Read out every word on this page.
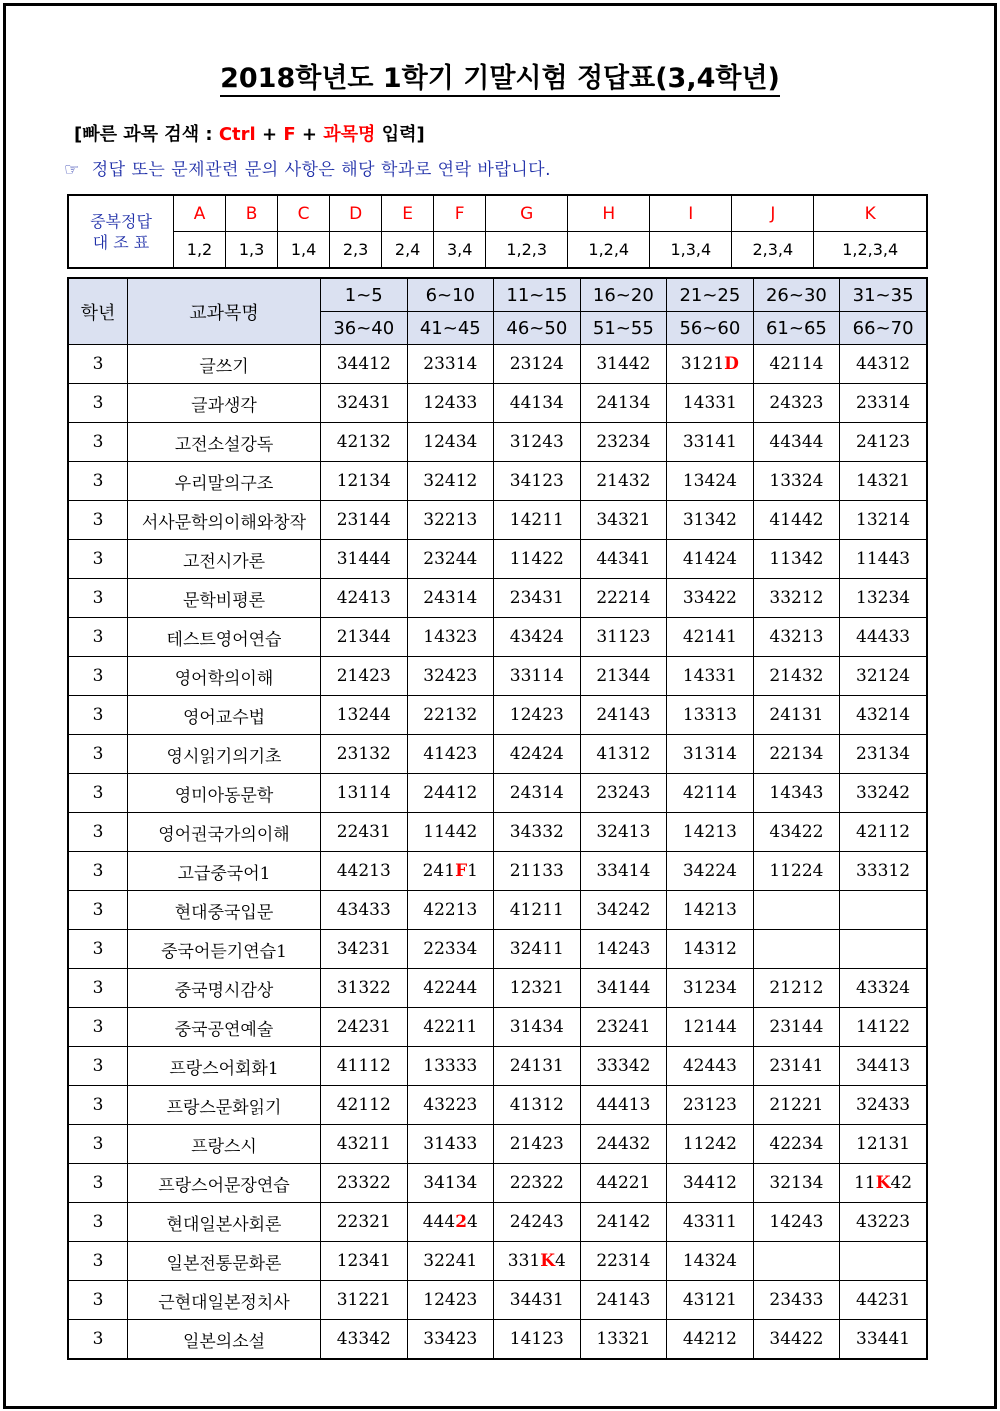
2018학년도 1학기 기말시험 정답표(3,4학년)
[빠른 과목 검색 : Ctrl + F + 과목명 입력]
☞ 정답 또는 문제관련 문의 사항은 해당 학과로 연락 바랍니다.
중복정답
대 조 표	A	B	C	D	E	F	G	H	I	J	K
	1,2	1,3	1,4	2,3	2,4	3,4	1,2,3	1,2,4	1,3,4	2,3,4	1,2,3,4
학년	교과목명	1~5	6~10	11~15	16~20	21~25	26~30	31~35
		36~40	41~45	46~50	51~55	56~60	61~65	66~70
3	글쓰기	34412	23314	23124	31442	3121D	42114	44312
3	글과생각	32431	12433	44134	24134	14331	24323	23314
3	고전소설강독	42132	12434	31243	23234	33141	44344	24123
3	우리말의구조	12134	32412	34123	21432	13424	13324	14321
3	서사문학의이해와창작	23144	32213	14211	34321	31342	41442	13214
3	고전시가론	31444	23244	11422	44341	41424	11342	11443
3	문학비평론	42413	24314	23431	22214	33422	33212	13234
3	테스트영어연습	21344	14323	43424	31123	42141	43213	44433
3	영어학의이해	21423	32423	33114	21344	14331	21432	32124
3	영어교수법	13244	22132	12423	24143	13313	24131	43214
3	영시읽기의기초	23132	41423	42424	41312	31314	22134	23134
3	영미아동문학	13114	24412	24314	23243	42114	14343	33242
3	영어권국가의이해	22431	11442	34332	32413	14213	43422	42112
3	고급중국어1	44213	241F1	21133	33414	34224	11224	33312
3	현대중국입문	43433	42213	41211	34242	14213		
3	중국어듣기연습1	34231	22334	32411	14243	14312		
3	중국명시감상	31322	42244	12321	34144	31234	21212	43324
3	중국공연예술	24231	42211	31434	23241	12144	23144	14122
3	프랑스어회화1	41112	13333	24131	33342	42443	23141	34413
3	프랑스문화읽기	42112	43223	41312	44413	23123	21221	32433
3	프랑스시	43211	31433	21423	24432	11242	42234	12131
3	프랑스어문장연습	23322	34134	22322	44221	34412	32134	11K42
3	현대일본사회론	22321	44424	24243	24142	43311	14243	43223
3	일본전통문화론	12341	32241	331K4	22314	14324		
3	근현대일본정치사	31221	12423	34431	24143	43121	23433	44231
3	일본의소설	43342	33423	14123	13321	44212	34422	33441
